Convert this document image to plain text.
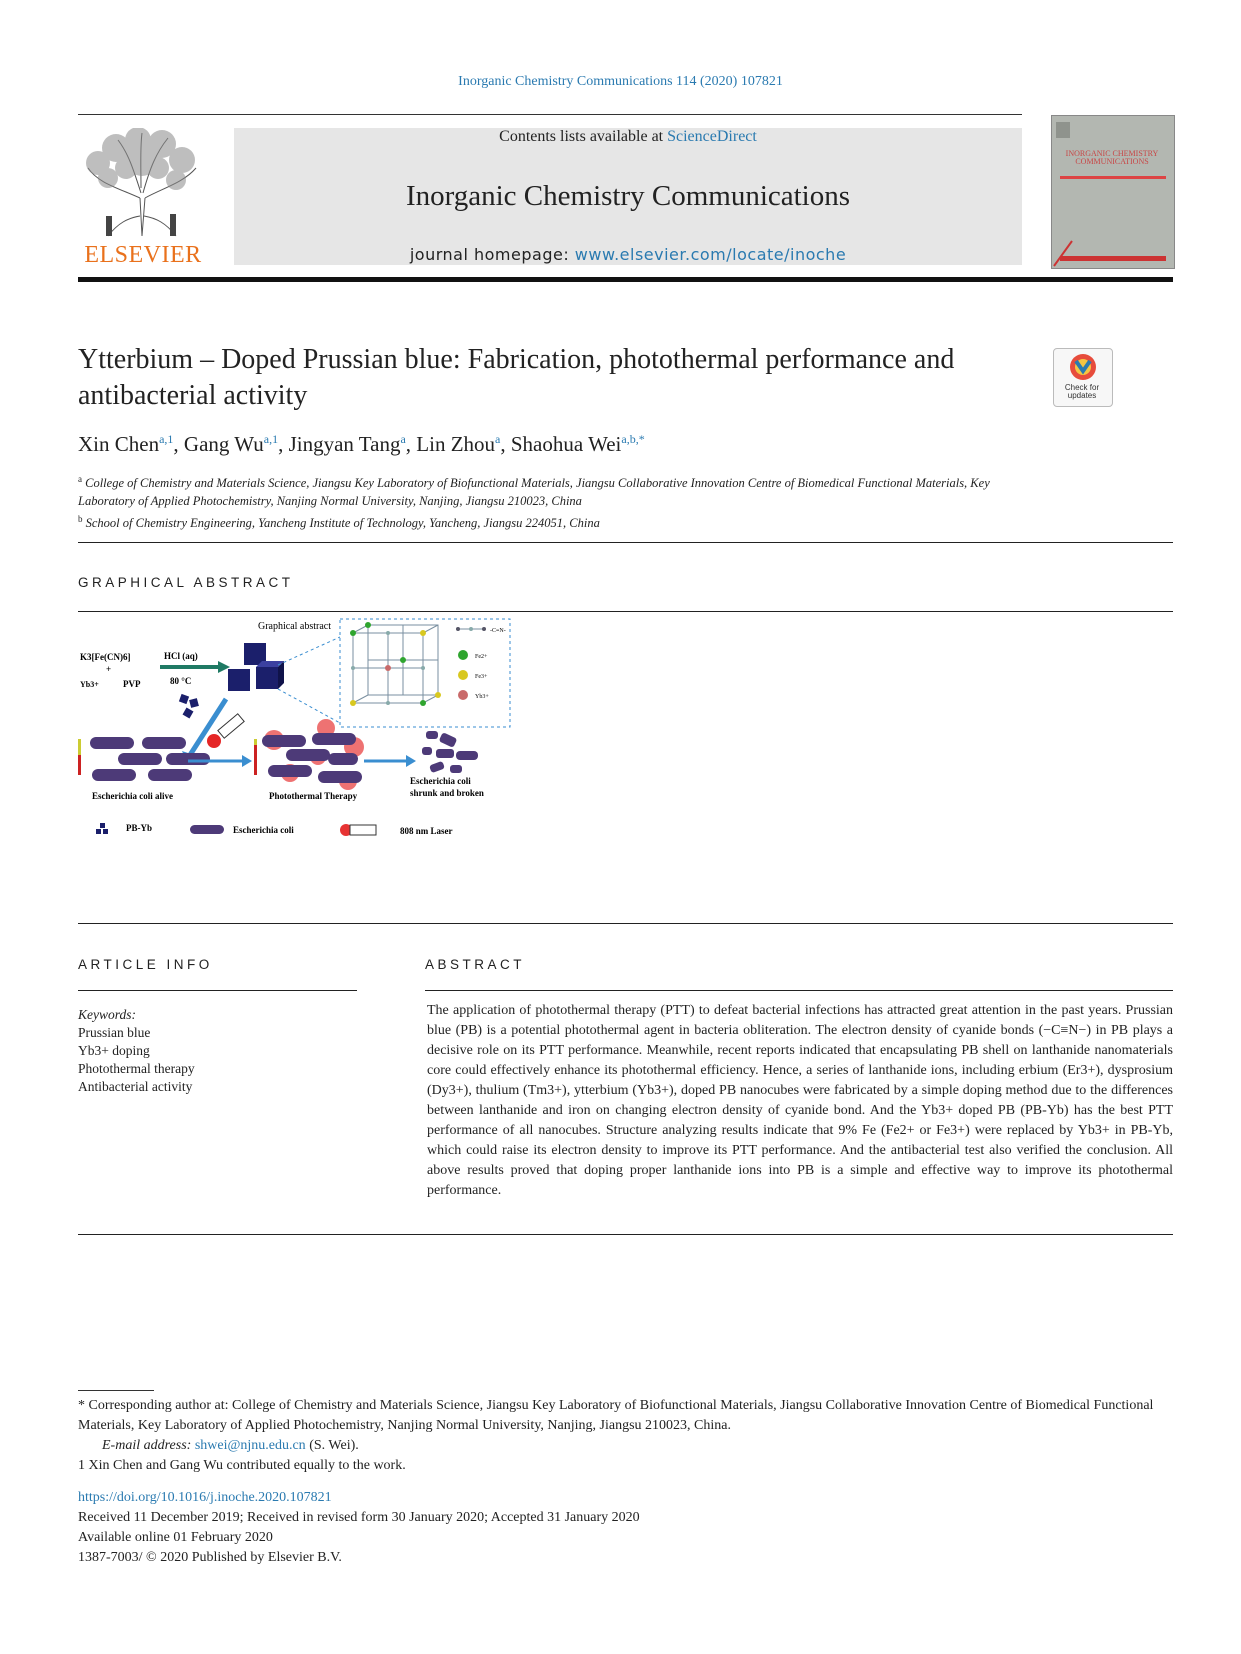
Inorganic Chemistry Communications 114 (2020) 107821
ELSEVIER
Contents lists available at ScienceDirect
Inorganic Chemistry Communications
journal homepage: www.elsevier.com/locate/inoche
INORGANIC CHEMISTRY COMMUNICATIONS
Ytterbium – Doped Prussian blue: Fabrication, photothermal performance and antibacterial activity	Check for updates
Xin Chen$^{a,1}$, Gang Wu$^{a,1}$, Jingyan Tang$^a$, Lin Zhou$^a$, Shaohua Wei$^{a,b,*}$
$^a$ College of Chemistry and Materials Science, Jiangsu Key Laboratory of Biofunctional Materials, Jiangsu Collaborative Innovation Centre of Biomedical Functional Materials, Key Laboratory of Applied Photochemistry, Nanjing Normal University, Nanjing, Jiangsu 210023, China
$^b$ School of Chemistry Engineering, Yancheng Institute of Technology, Yancheng, Jiangsu 224051, China
GRAPHICAL ABSTRACT
Graphical abstract
K3[Fe(CN)6]
+
Yb3+	PVP
HCl (aq)
80 °C
-C≡N-
Fe2+
Fe3+
Yb3+
Escherichia coli alive	Photothermal Therapy
Escherichia coli
shrunk and broken
PB-Yb	Escherichia coli	808 nm Laser
ARTICLE INFO	ABSTRACT
Keywords:
Prussian blue
Yb3+ doping
Photothermal therapy
Antibacterial activity
The application of photothermal therapy (PTT) to defeat bacterial infections has attracted great attention in the past years. Prussian blue (PB) is a potential photothermal agent in bacteria obliteration. The electron density of cyanide bonds (−C≡N−) in PB plays a decisive role on its PTT performance. Meanwhile, recent reports indicated that encapsulating PB shell on lanthanide nanomaterials core could effectively enhance its photothermal efficiency. Hence, a series of lanthanide ions, including erbium (Er3+), dysprosium (Dy3+), thulium (Tm3+), ytterbium (Yb3+), doped PB nanocubes were fabricated by a simple doping method due to the differences between lanthanide and iron on changing electron density of cyanide bond. And the Yb3+ doped PB (PB-Yb) has the best PTT performance of all nanocubes. Structure analyzing results indicate that 9% Fe (Fe2+ or Fe3+) were replaced by Yb3+ in PB-Yb, which could raise its electron density to improve its PTT performance. And the antibacterial test also verified the conclusion. All above results proved that doping proper lanthanide ions into PB is a simple and effective way to improve its photothermal performance.
* Corresponding author at: College of Chemistry and Materials Science, Jiangsu Key Laboratory of Biofunctional Materials, Jiangsu Collaborative Innovation Centre of Biomedical Functional Materials, Key Laboratory of Applied Photochemistry, Nanjing Normal University, Nanjing, Jiangsu 210023, China.
E-mail address: shwei@njnu.edu.cn (S. Wei).
1 Xin Chen and Gang Wu contributed equally to the work.
https://doi.org/10.1016/j.inoche.2020.107821
Received 11 December 2019; Received in revised form 30 January 2020; Accepted 31 January 2020
Available online 01 February 2020
1387-7003/ © 2020 Published by Elsevier B.V.
